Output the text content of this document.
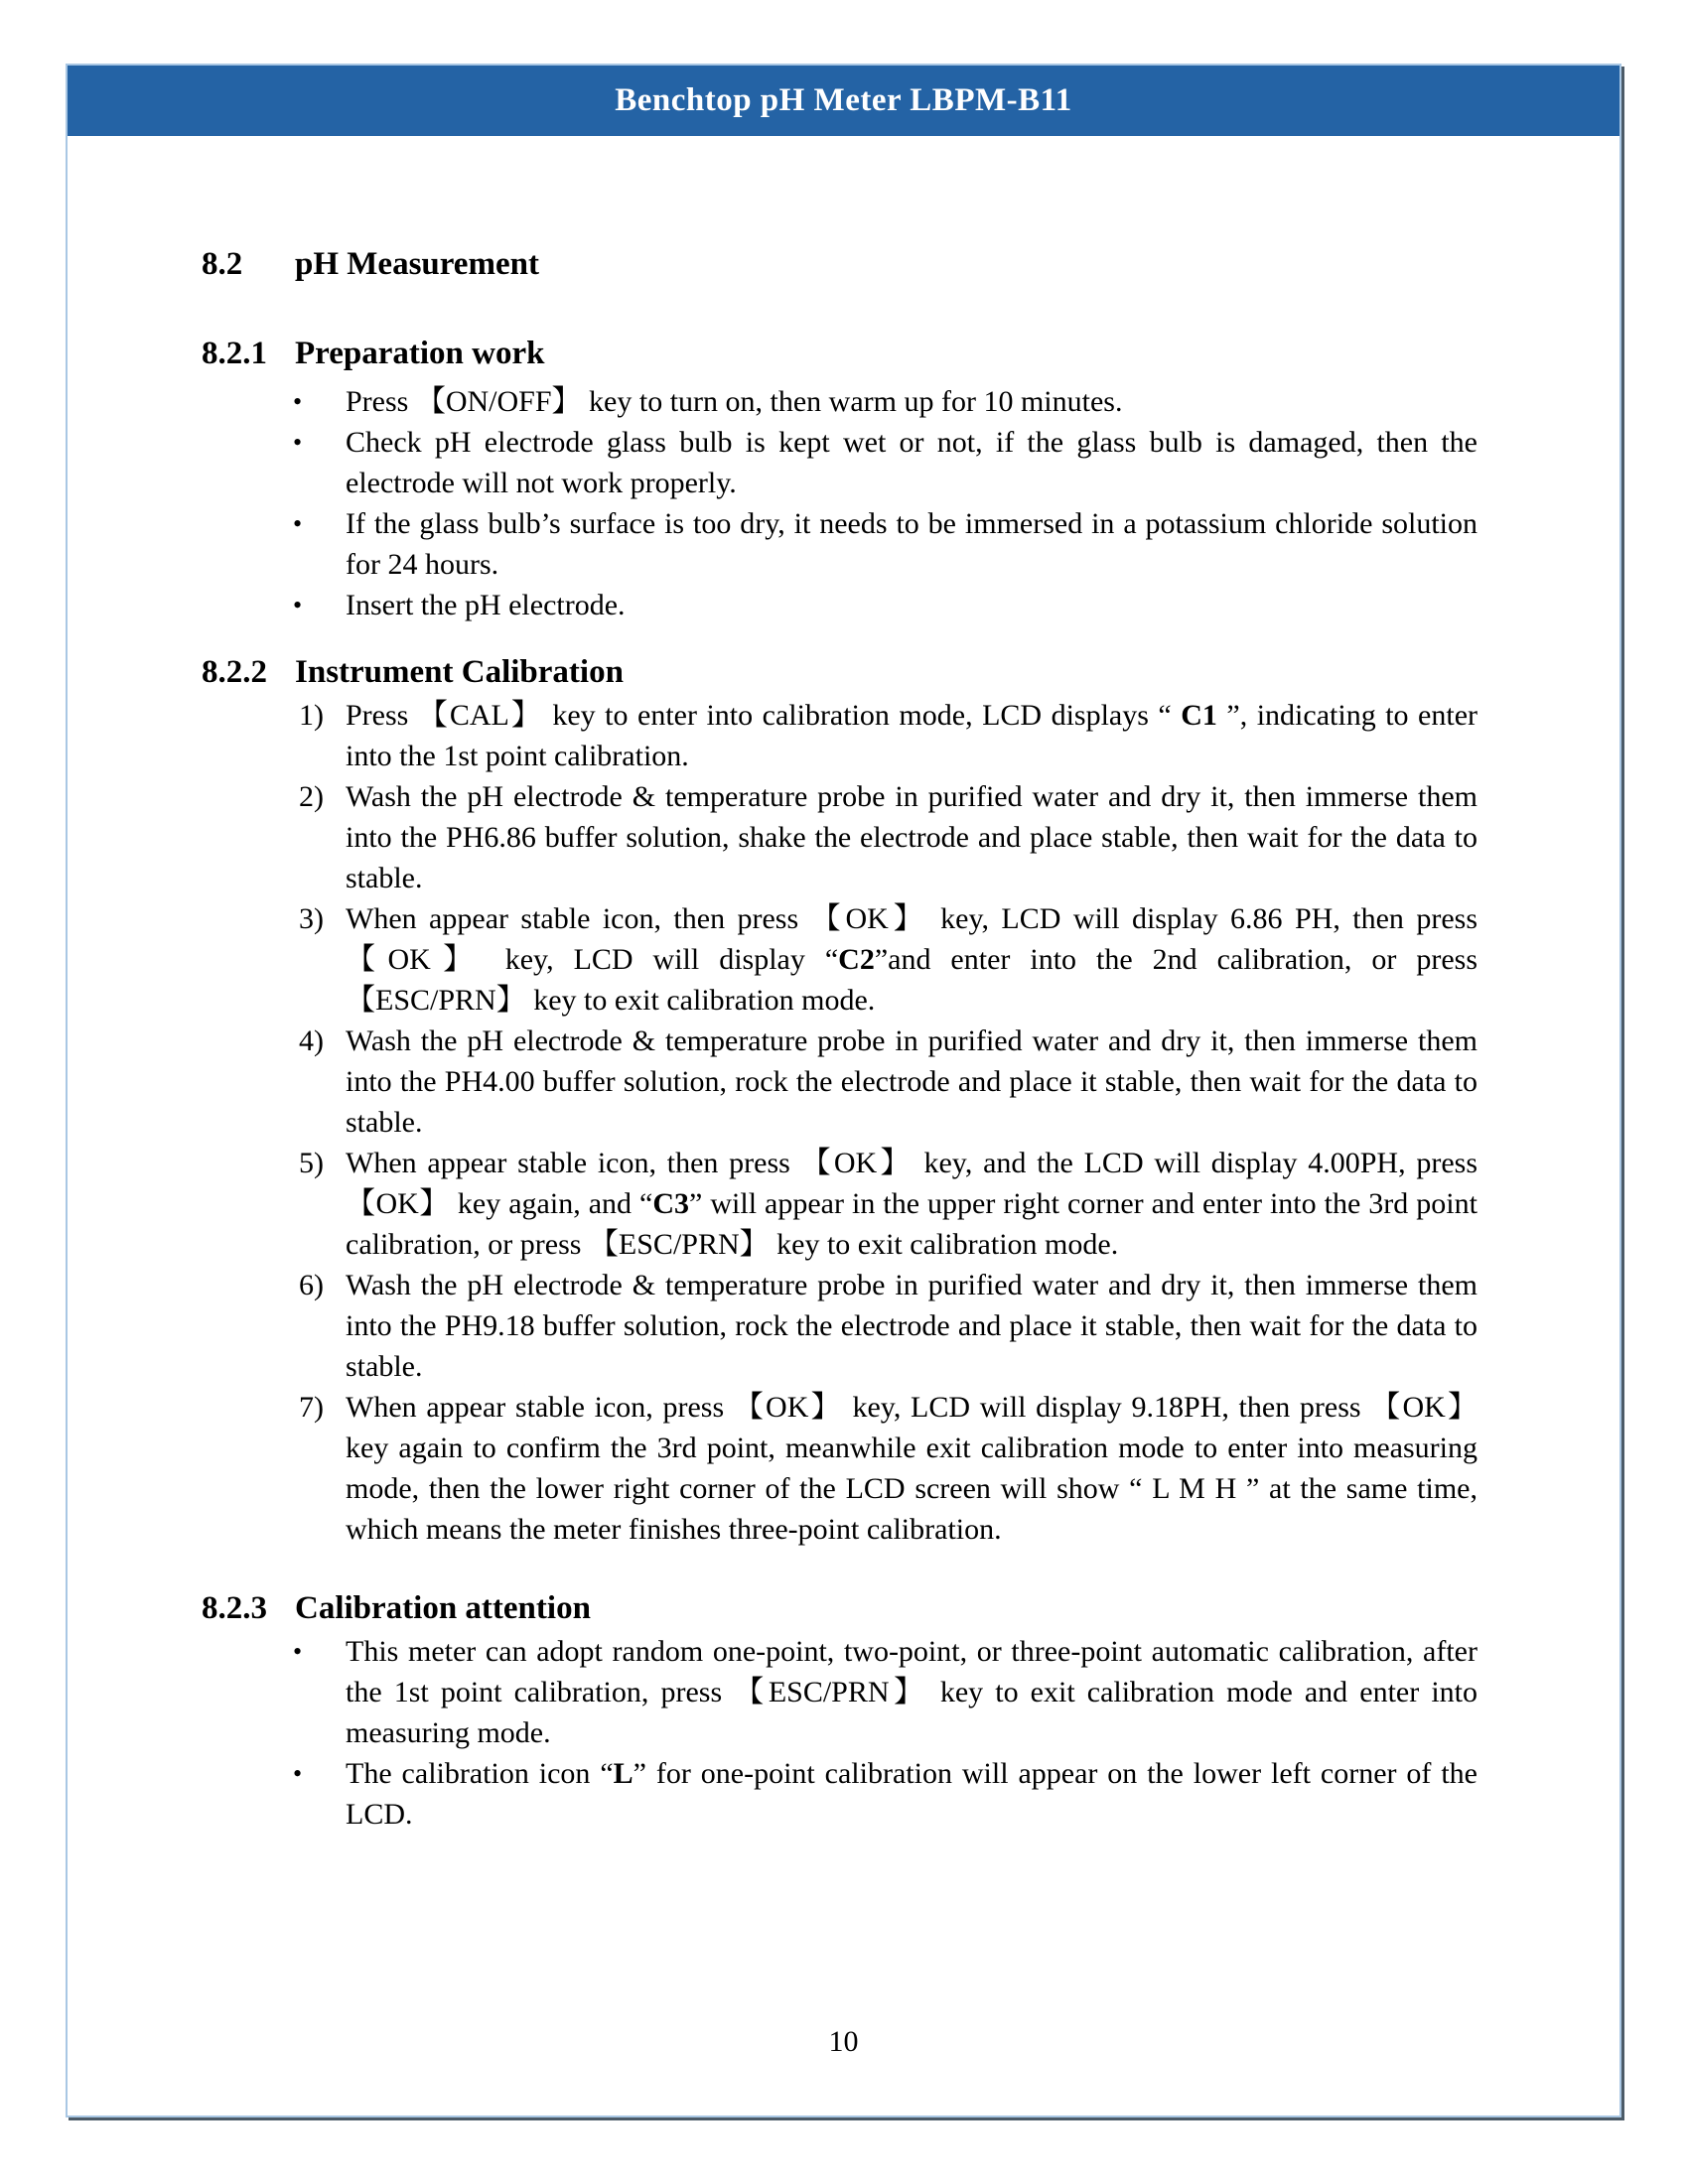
Benchtop pH Meter LBPM-B11
8.2	pH Measurement
8.2.1 Preparation work
•	Press 【ON/OFF】 key to turn on, then warm up for 10 minutes.

•	Check pH electrode glass bulb is kept wet or not, if the glass bulb is damaged, then the electrode will not work properly.

•	If the glass bulb’s surface is too dry, it needs to be immersed in a potassium chloride solution for 24 hours.

•	Insert the pH electrode.

8.2.2 Instrument Calibration
1) Press 【CAL】 key to enter into calibration mode, LCD displays “ C1 ”, indicating to enter into the 1st point calibration.

2) Wash the pH electrode & temperature probe in purified water and dry it, then immerse them into the PH6.86 buffer solution, shake the electrode and place stable, then wait for the data to stable.

3) When appear stable icon, then press 【OK】 key, LCD will display 6.86 PH, then press 【OK】 key, LCD will display “C2”and enter into the 2nd calibration, or press 【ESC/PRN】 key to exit calibration mode.

4) Wash the pH electrode & temperature probe in purified water and dry it, then immerse them into the PH4.00 buffer solution, rock the electrode and place it stable, then wait for the data to stable.

5) When appear stable icon, then press 【OK】 key, and the LCD will display 4.00PH, press 【OK】 key again, and “C3” will appear in the upper right corner and enter into the 3rd point calibration, or press 【ESC/PRN】 key to exit calibration mode.

6) Wash the pH electrode & temperature probe in purified water and dry it, then immerse them into the PH9.18 buffer solution, rock the electrode and place it stable, then wait for the data to stable.

7) When appear stable icon, press 【OK】 key, LCD will display 9.18PH, then press 【OK】 key again to confirm the 3rd point, meanwhile exit calibration mode to enter into measuring mode, then the lower right corner of the LCD screen will show “ L M H ” at the same time, which means the meter finishes three-point calibration.

8.2.3 Calibration attention
•	This meter can adopt random one-point, two-point, or three-point automatic calibration, after the 1st point calibration, press 【ESC/PRN】 key to exit calibration mode and enter into measuring mode.

•	The calibration icon “L” for one-point calibration will appear on the lower left corner of the LCD.

10
